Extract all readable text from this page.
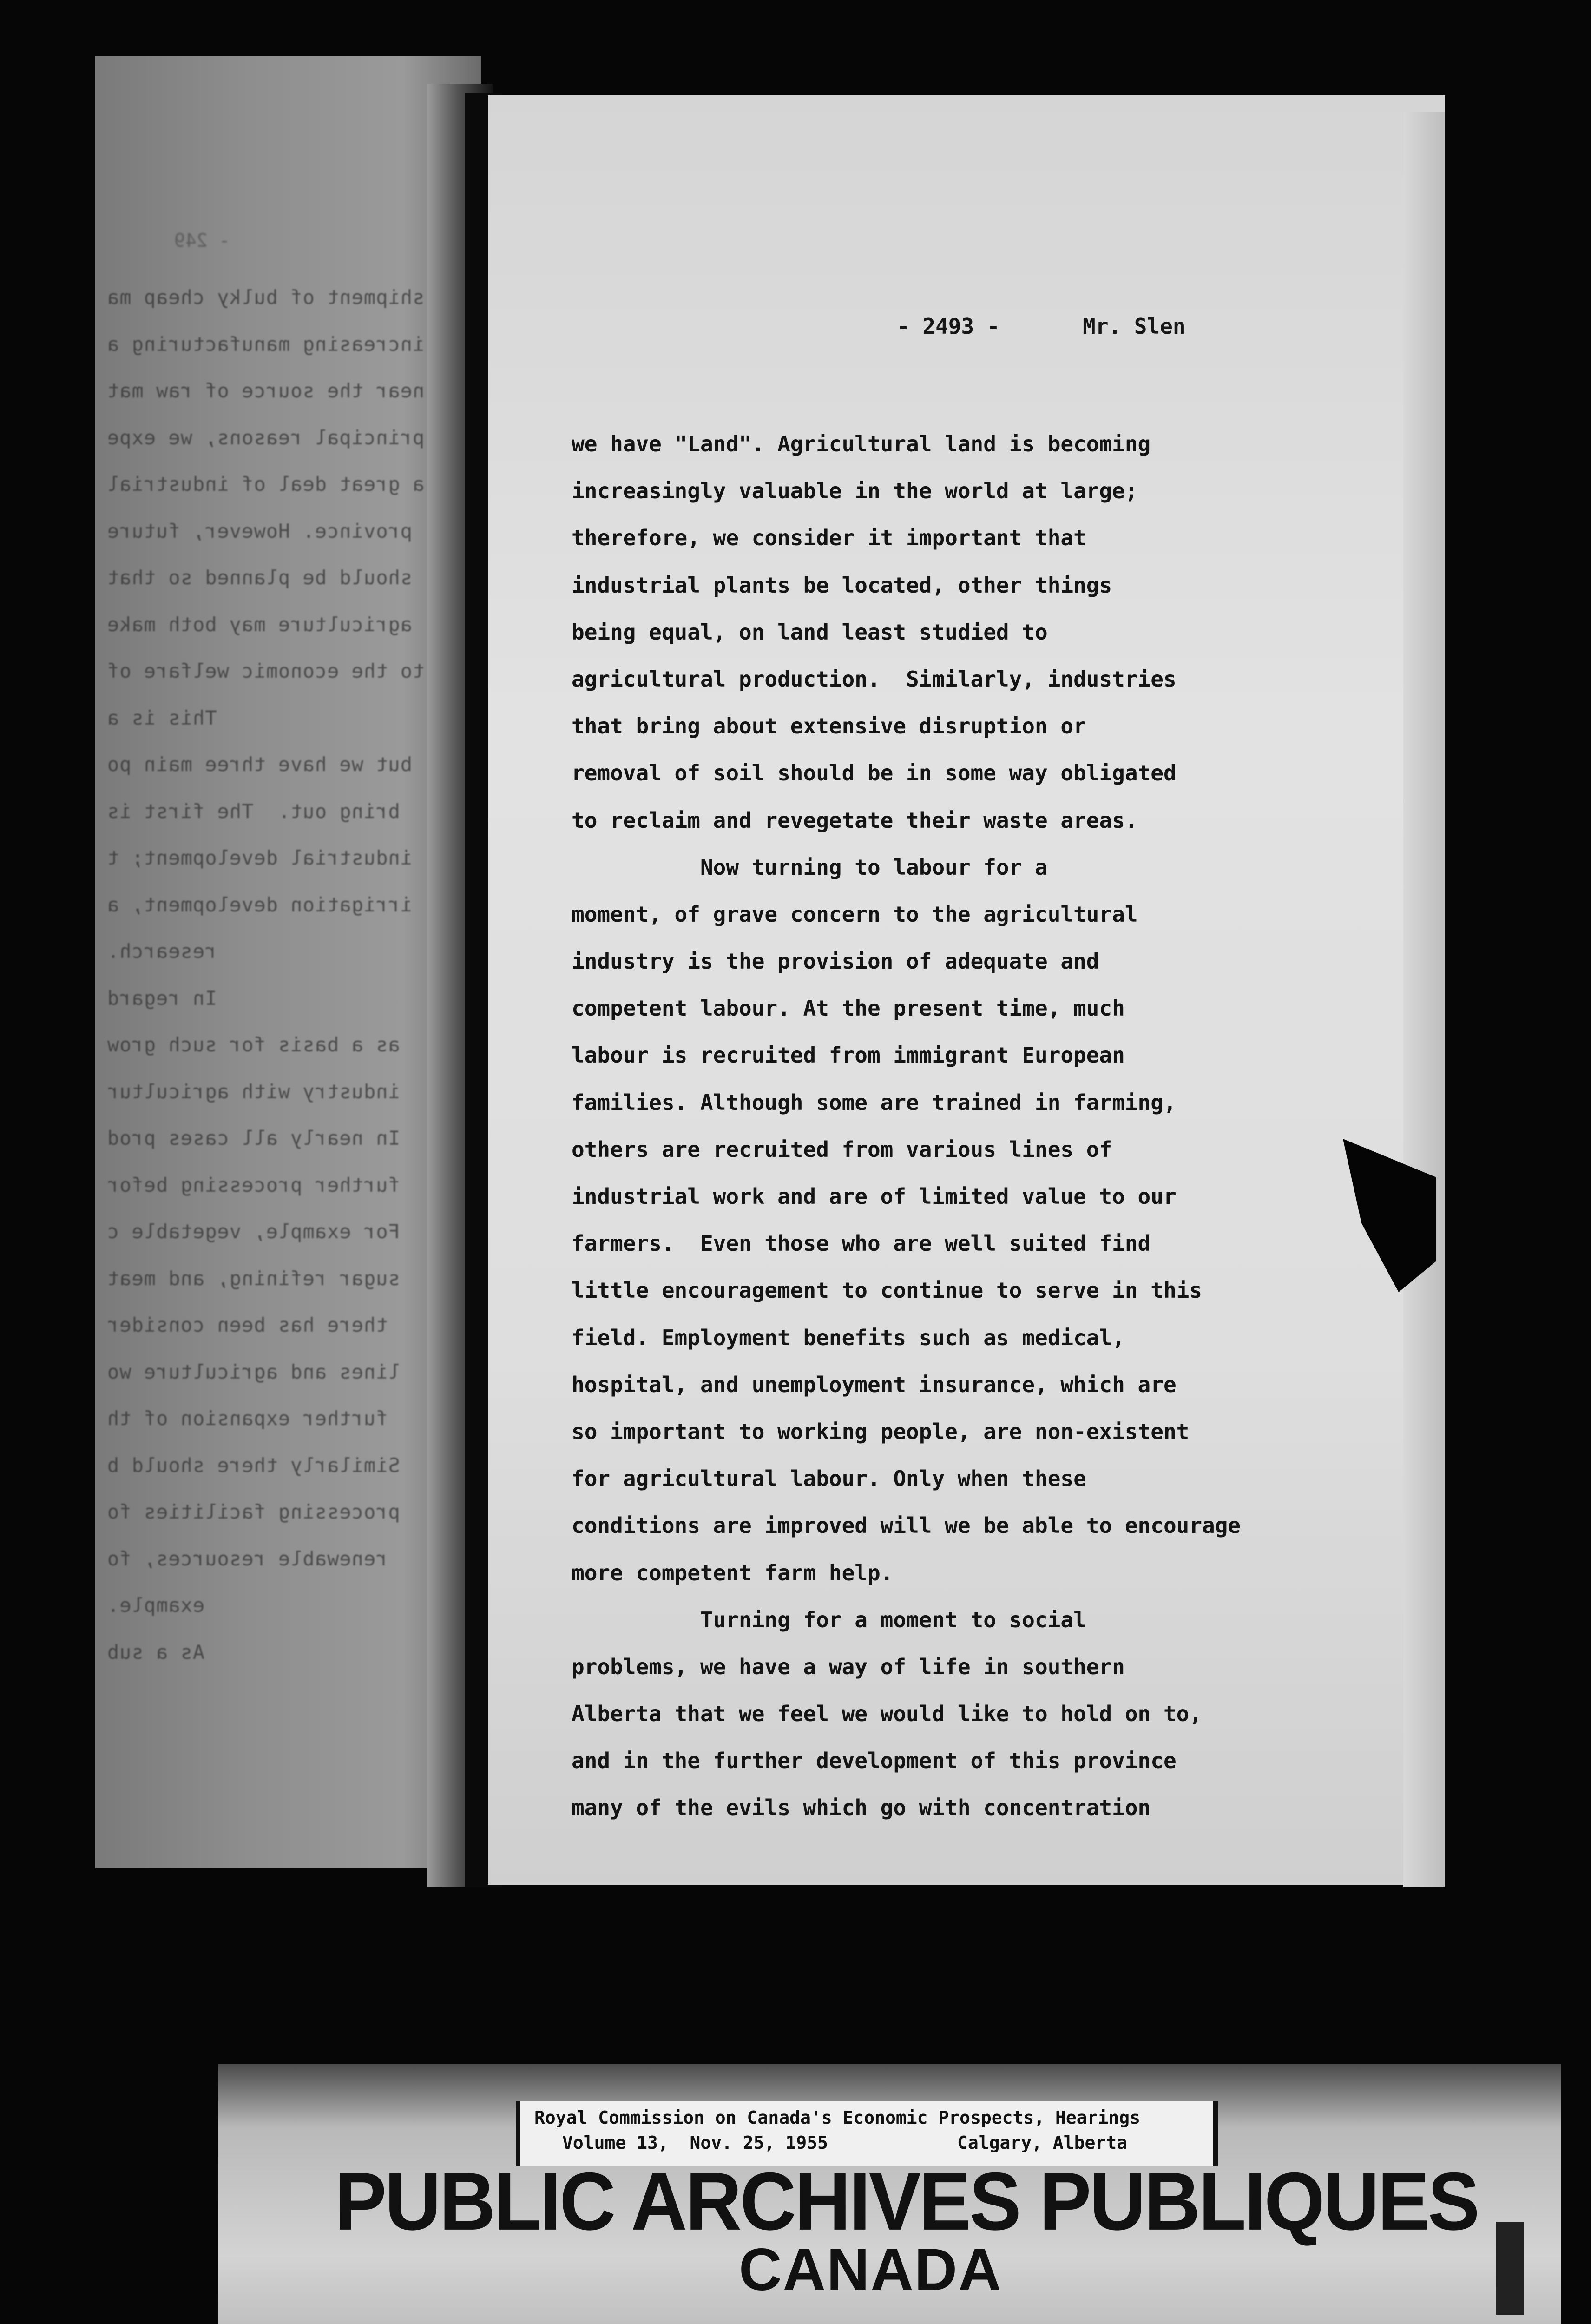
- 249
shipment of bulky cheap ma
increasing manufacturing a
near the source of raw mat
principal reasons, we expe
a great deal of industrial
province. However, future
should be planned so that
agriculture may both make
to the economic welfare of
This is a
but we have three main po
bring out.  The first is
industrial development; t
irrigation development, a
research.
In regard
as a basis for such grow
industry with agricultur
In nearly all cases prod
further processing befor
For example, vegetable c
sugar refining, and meat
there has been consider
lines and agriculture wo
further expansion of th
Similarly there should b
processing facilities fo
renewable resources, fo
example.
As a sub
- 2493 -	Mr. Slen
we have "Land". Agricultural land is becoming
increasingly valuable in the world at large;
therefore, we consider it important that
industrial plants be located, other things
being equal, on land least studied to
agricultural production.  Similarly, industries
that bring about extensive disruption or
removal of soil should be in some way obligated
to reclaim and revegetate their waste areas.
Now turning to labour for a
moment, of grave concern to the agricultural
industry is the provision of adequate and
competent labour. At the present time, much
labour is recruited from immigrant European
families. Although some are trained in farming,
others are recruited from various lines of
industrial work and are of limited value to our
farmers.  Even those who are well suited find
little encouragement to continue to serve in this
field. Employment benefits such as medical,
hospital, and unemployment insurance, which are
so important to working people, are non-existent
for agricultural labour. Only when these
conditions are improved will we be able to encourage
more competent farm help.
Turning for a moment to social
problems, we have a way of life in southern
Alberta that we feel we would like to hold on to,
and in the further development of this province
many of the evils which go with concentration
Royal Commission on Canada's Economic Prospects, Hearings
Volume 13,  Nov. 25, 1955	Calgary, Alberta
PUBLIC ARCHIVES PUBLIQUES
CANADA
